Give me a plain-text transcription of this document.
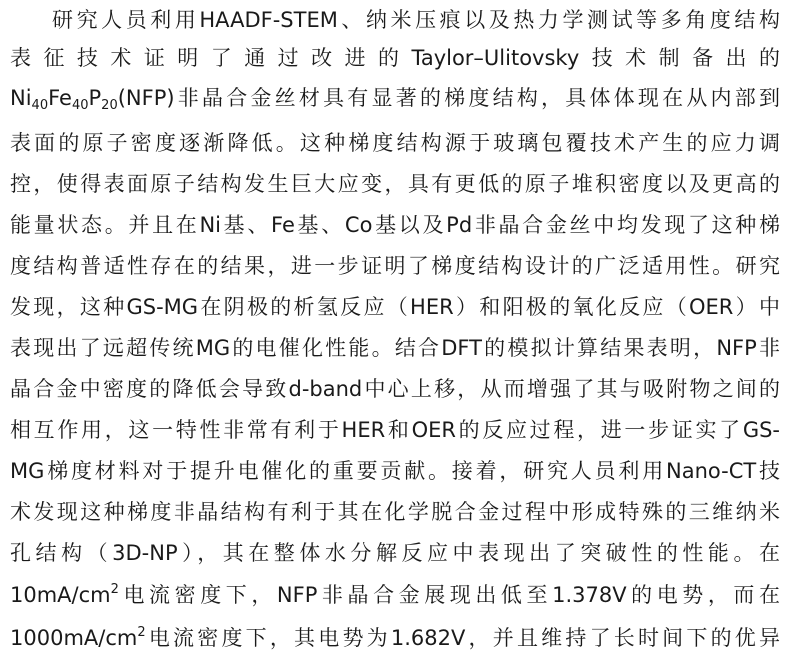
研究人员利用HAADF-STEM、纳米压痕以及热力学测试等多角度结构
表征技术证明了通过改进的Taylor–Ulitovsky技术制备出的
$Ni_{40}Fe_{40}P_{20}(NFP)$非晶合金丝材具有显著的梯度结构，具体体现在从内部到
表面的原子密度逐渐降低。这种梯度结构源于玻璃包覆技术产生的应力调
控，使得表面原子结构发生巨大应变，具有更低的原子堆积密度以及更高的
能量状态。并且在Ni基、Fe基、Co基以及Pd非晶合金丝中均发现了这种梯
度结构普适性存在的结果，进一步证明了梯度结构设计的广泛适用性。研究
发现，这种GS-MG在阴极的析氢反应（HER）和阳极的氧化反应（OER）中
表现出了远超传统MG的电催化性能。结合DFT的模拟计算结果表明，NFP非
晶合金中密度的降低会导致d-band中心上移，从而增强了其与吸附物之间的
相互作用，这一特性非常有利于HER和OER的反应过程，进一步证实了GS-
MG梯度材料对于提升电催化的重要贡献。接着，研究人员利用Nano-CT技
术发现这种梯度非晶结构有利于其在化学脱合金过程中形成特殊的三维纳米
孔结构（3D-NP），其在整体水分解反应中表现出了突破性的性能。在
$10mA/cm^2$电流密度下，NFP非晶合金展现出低至1.378V的电势，而在
$1000mA/cm^2$电流密度下，其电势为1.682V，并且维持了长时间下的优异
